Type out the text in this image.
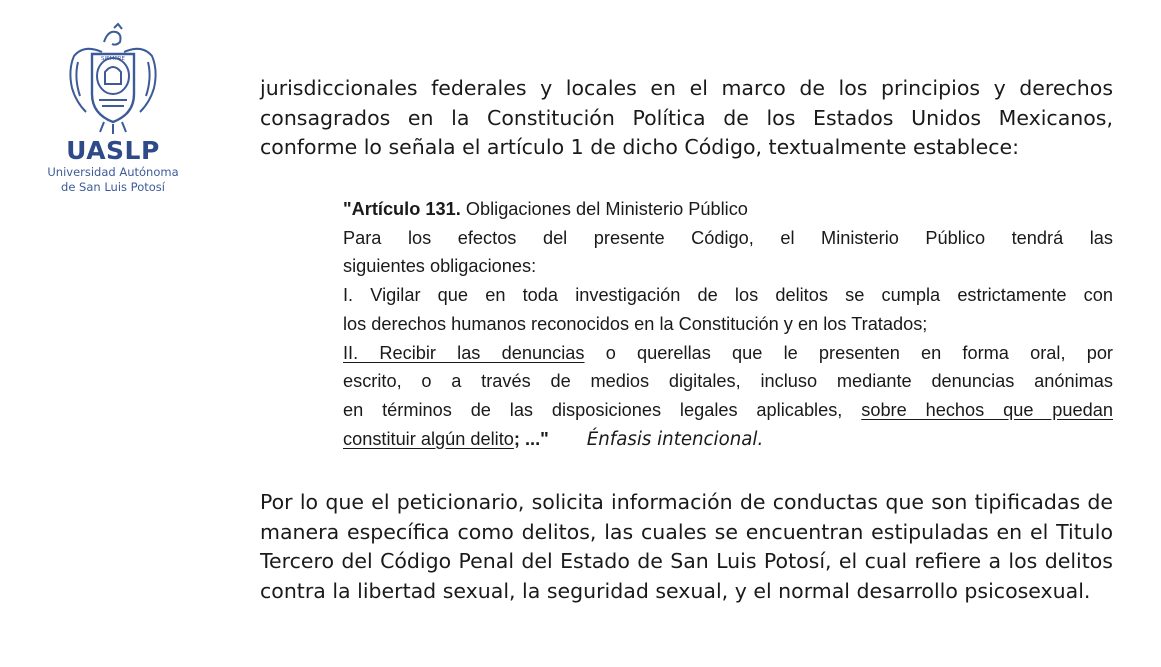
SIEMPRE
UASLP
Universidad Autónoma
de San Luis Potosí

jurisdiccionales federales y locales en el marco de los principios y derechos consagrados en la Constitución Política de los Estados Unidos Mexicanos, conforme lo señala el artículo 1 de dicho Código, textualmente establece:

"Artículo 131. Obligaciones del Ministerio Público

Para los efectos del presente Código, el Ministerio Público tendrá las

siguientes obligaciones:

I. Vigilar que en toda investigación de los delitos se cumpla estrictamente con

los derechos humanos reconocidos en la Constitución y en los Tratados;

II. Recibir las denuncias o querellas que le presenten en forma oral, por

escrito, o a través de medios digitales, incluso mediante denuncias anónimas

en términos de las disposiciones legales aplicables, sobre hechos que puedan

constituir algún delito; ..." Énfasis intencional.

Por lo que el peticionario, solicita información de conductas que son tipificadas de manera específica como delitos, las cuales se encuentran estipuladas en el Titulo Tercero del Código Penal del Estado de San Luis Potosí, el cual refiere a los delitos contra la libertad sexual, la seguridad sexual, y el normal desarrollo psicosexual.
